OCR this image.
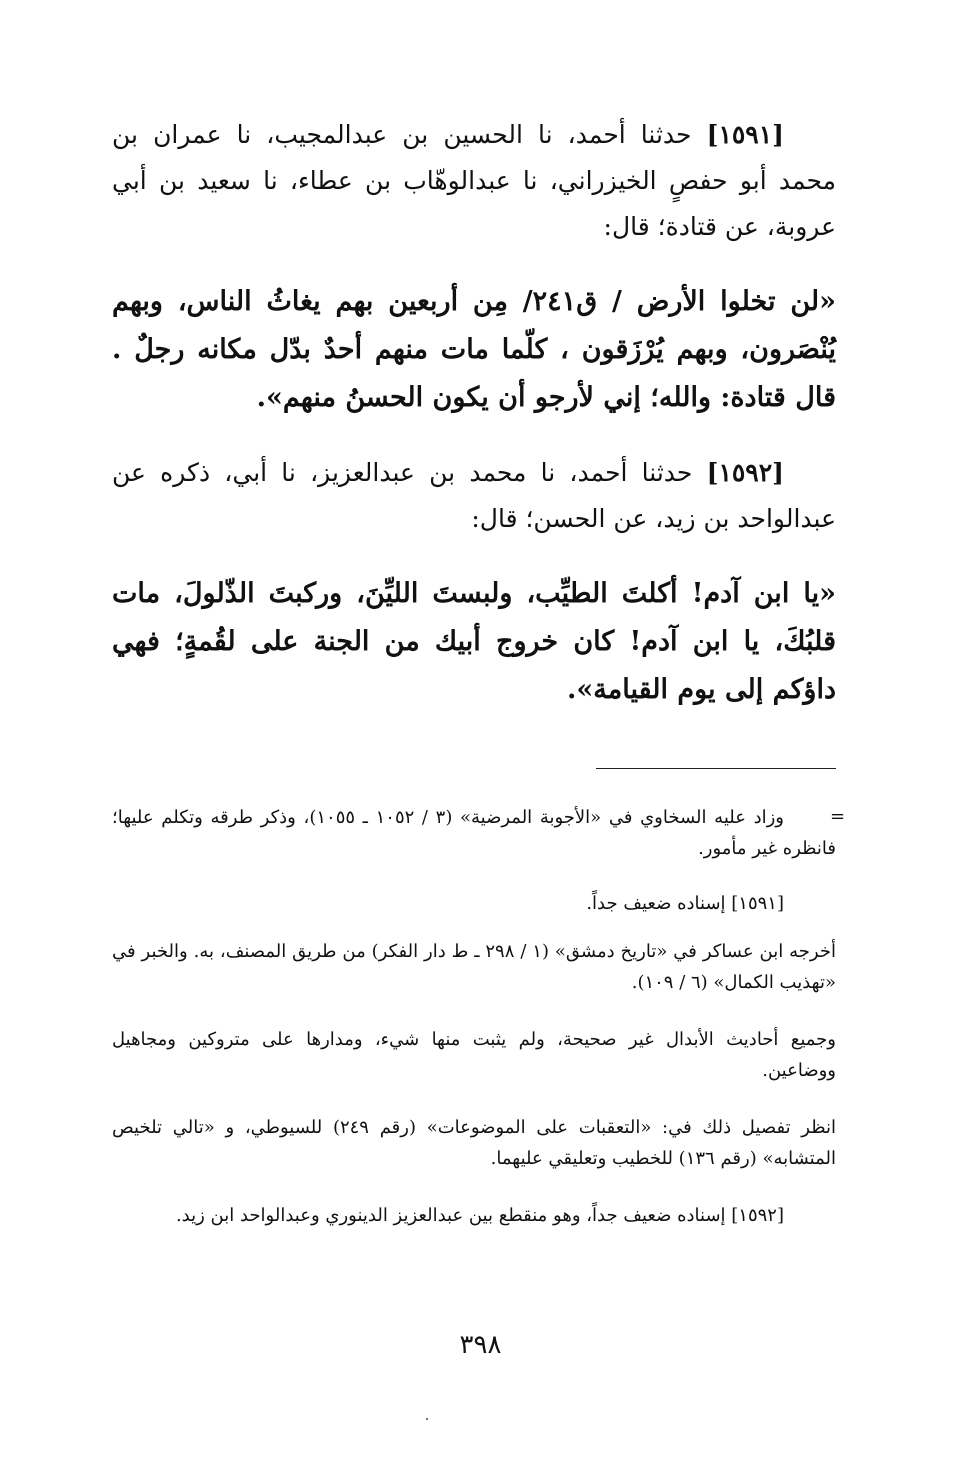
[١٥٩١] حدثنا أحمد، نا الحسين بن عبدالمجيب، نا عمران بن محمد أبو حفصٍ الخيزراني، نا عبدالوهّاب بن عطاء، نا سعيد بن أبي عروبة، عن قتادة؛ قال:

«لن تخلوا الأرض / ق٢٤١/ مِن أربعين بهم يغاثُ الناس، وبهم يُنْصَرون، وبهم يُرْزَقون ، كلّما مات منهم أحدٌ بدّل مكانه رجلٌ . قال قتادة: والله؛ إني لأرجو أن يكون الحسنُ منهم».

[١٥٩٢] حدثنا أحمد، نا محمد بن عبدالعزيز، نا أبي، ذكره عن عبدالواحد بن زيد، عن الحسن؛ قال:

«يا ابن آدم! أكلتَ الطيِّب، ولبستَ الليِّنَ، وركبتَ الذّلولَ، مات قلبُكَ، يا ابن آدم! كان خروج أبيك من الجنة على لقُمةٍ؛ فهي داؤكم إلى يوم القيامة».

=

وزاد عليه السخاوي في «الأجوبة المرضية» (٣ / ١٠٥٢ ـ ١٠٥٥)، وذكر طرقه وتكلم عليها؛ فانظره غير مأمور.

[١٥٩١] إسناده ضعيف جداً.

أخرجه ابن عساكر في «تاريخ دمشق» (١ / ٢٩٨ ـ ط دار الفكر) من طريق المصنف، به. والخبر في «تهذيب الكمال» (٦ / ١٠٩).

وجميع أحاديث الأبدال غير صحيحة، ولم يثبت منها شيء، ومدارها على متروكين ومجاهيل ووضاعين.

انظر تفصيل ذلك في: «التعقبات على الموضوعات» (رقم ٢٤٩) للسيوطي، و «تالي تلخيص المتشابه» (رقم ١٣٦) للخطيب وتعليقي عليهما.

[١٥٩٢] إسناده ضعيف جداً، وهو منقطع بين عبدالعزيز الدينوري وعبدالواحد ابن زيد.

٣٩٨
